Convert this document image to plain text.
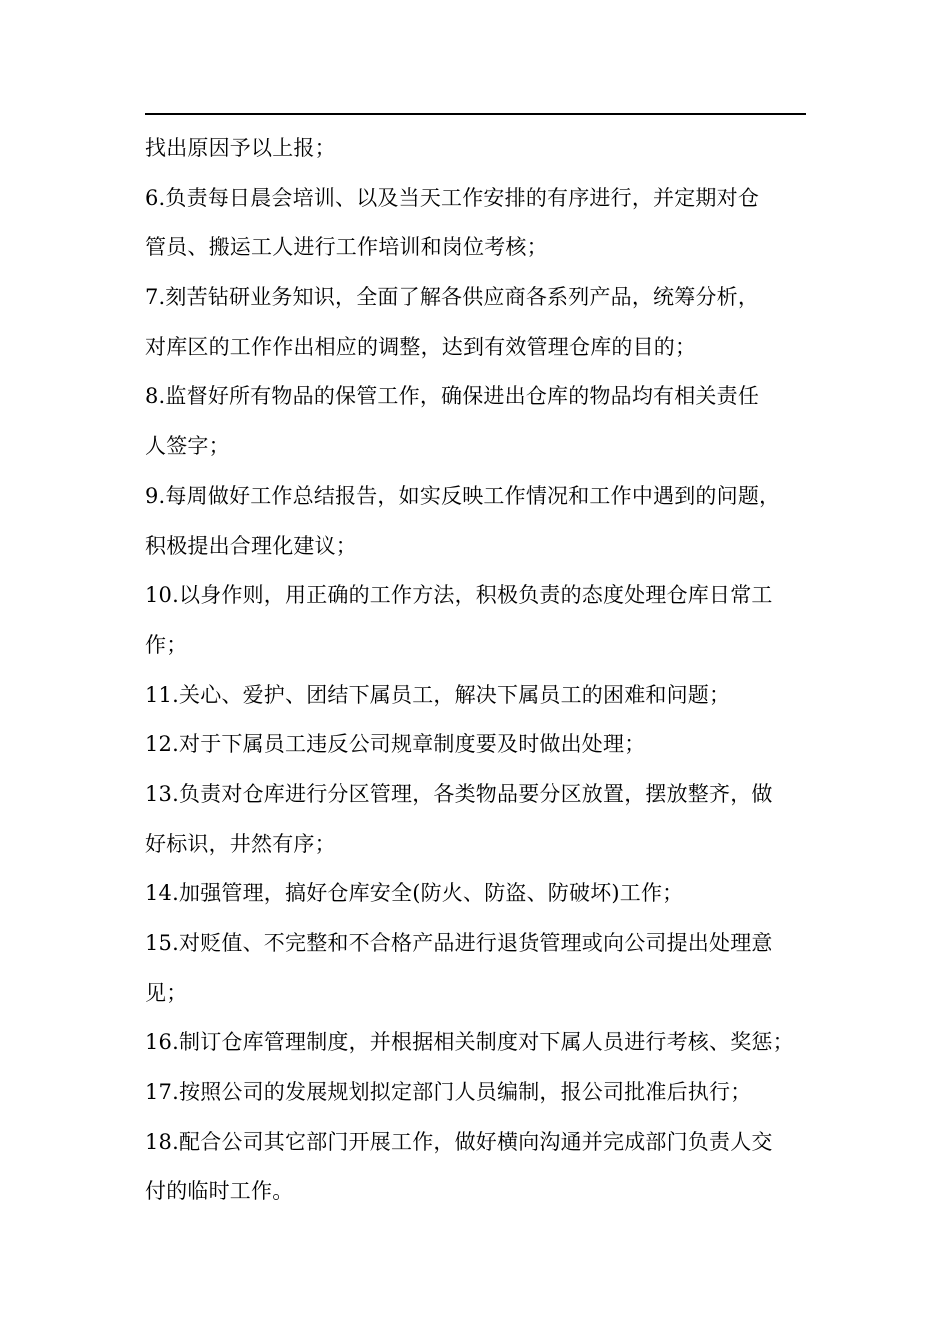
找出原因予以上报；
6.负责每日晨会培训、以及当天工作安排的有序进行，并定期对仓
管员、搬运工人进行工作培训和岗位考核；
7.刻苦钻研业务知识，全面了解各供应商各系列产品，统筹分析，
对库区的工作作出相应的调整，达到有效管理仓库的目的；
8.监督好所有物品的保管工作，确保进出仓库的物品均有相关责任
人签字；
9.每周做好工作总结报告，如实反映工作情况和工作中遇到的问题，
积极提出合理化建议；
10.以身作则，用正确的工作方法，积极负责的态度处理仓库日常工
作；
11.关心、爱护、团结下属员工，解决下属员工的困难和问题；
12.对于下属员工违反公司规章制度要及时做出处理；
13.负责对仓库进行分区管理，各类物品要分区放置，摆放整齐，做
好标识，井然有序；
14.加强管理，搞好仓库安全(防火、防盗、防破坏)工作；
15.对贬值、不完整和不合格产品进行退货管理或向公司提出处理意
见；
16.制订仓库管理制度，并根据相关制度对下属人员进行考核、奖惩；
17.按照公司的发展规划拟定部门人员编制，报公司批准后执行；
18.配合公司其它部门开展工作，做好横向沟通并完成部门负责人交
付的临时工作。
